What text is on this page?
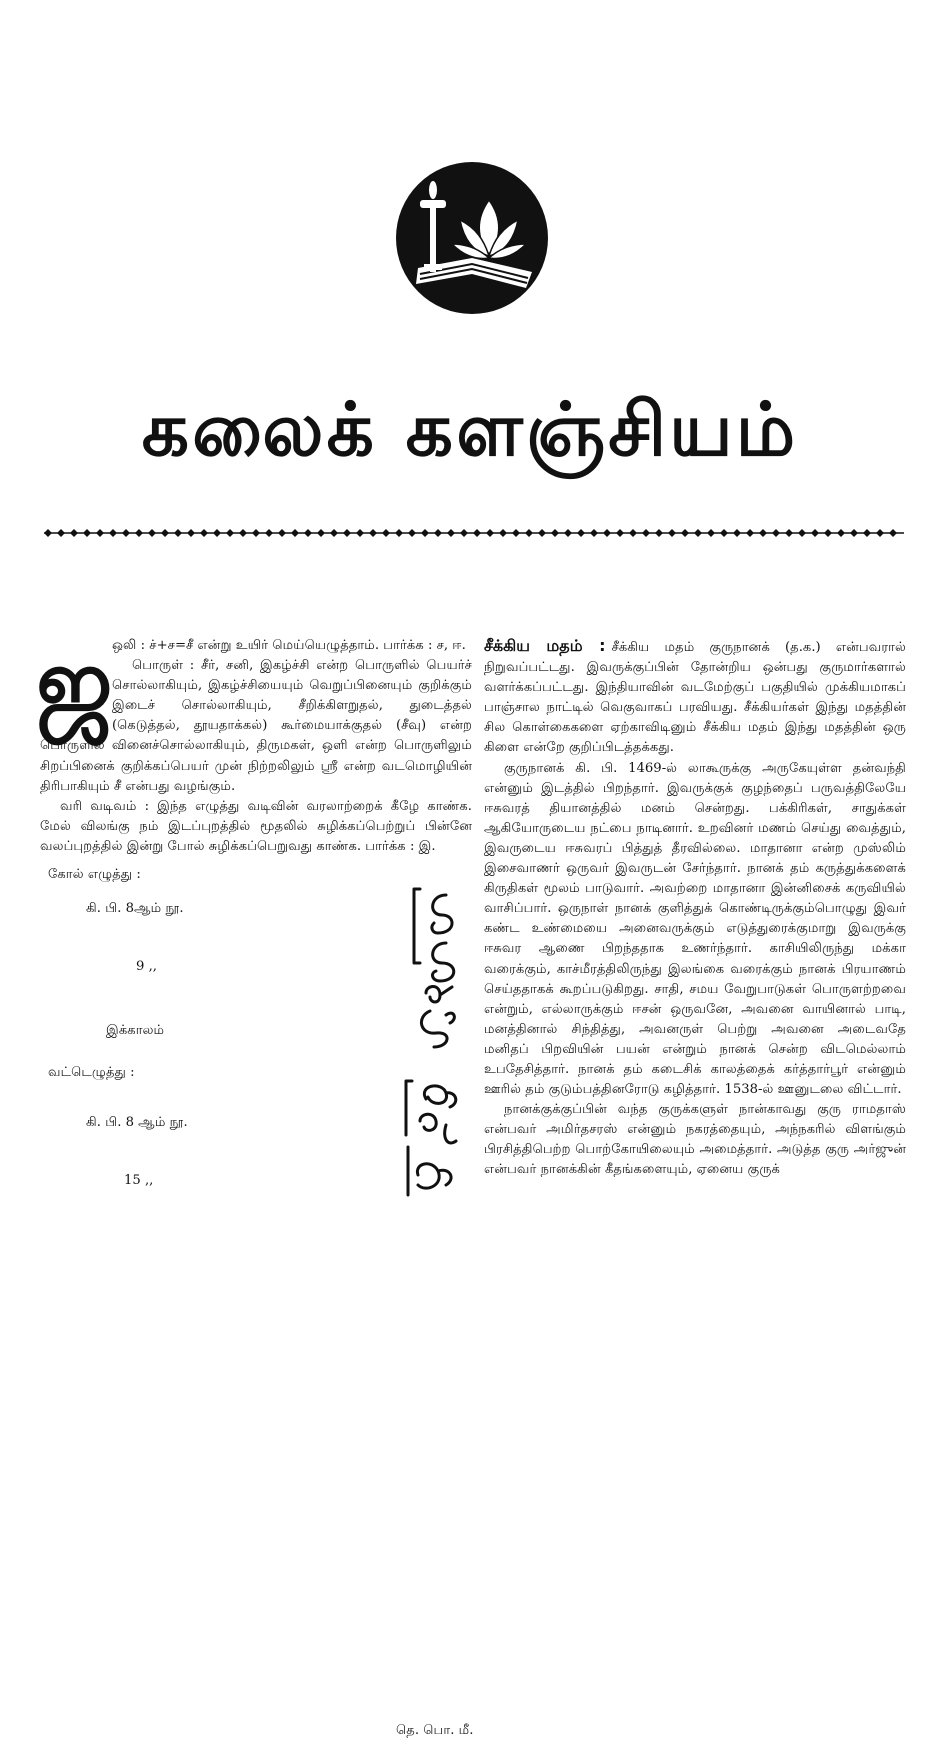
கலைக் களஞ்சியம்
ஜ ஒலி : ச்+ச=சீ என்று உயிர் மெய்யெழுத்தாம். பார்க்க : ச, ஈ.

பொருள் : சீர், சனி, இகழ்ச்சி என்ற பொருளில் பெயர்ச் சொல்லாகியும், இகழ்ச்சியையும் வெறுப்பினையும் குறிக்கும் இடைச் சொல்லாகியும், சீறிக்கிளறுதல், துடைத்தல் (கெடுத்தல், தூயதாக்கல்) கூர்மையாக்குதல் (சீவு) என்ற பொருளில் வினைச்சொல்லாகியும், திருமகள், ஒளி என்ற பொருளிலும் சிறப்பினைக் குறிக்கப்பெயர் முன் நிற்றலிலும் ஸ்ரீ என்ற வடமொழியின் திரிபாகியும் சீ என்பது வழங்கும்.

வரி வடிவம் : இந்த எழுத்து வடிவின் வரலாற்றைக் கீழே காண்க. மேல் விலங்கு நம் இடப்புறத்தில் மூதலில் சுழிக்கப்பெற்றுப் பின்னே வலப்புறத்தில் இன்று போல் சுழிக்கப்பெறுவது காண்க. பார்க்க : இ.

கோல் எழுத்து :
கி. பி. 8ஆம் நூ.
9 ,,
இக்காலம்
வட்டெழுத்து :
கி. பி. 8 ஆம் நூ.
15 ,,
தெ. பொ. மீ.

சீக்கிய மதம் : சீக்கிய மதம் குருநானக் (த.க.) என்பவரால் நிறுவப்பட்டது. இவருக்குப்பின் தோன்றிய ஒன்பது குருமார்களால் வளர்க்கப்பட்டது. இந்தியாவின் வடமேற்குப் பகுதியில் முக்கியமாகப் பாஞ்சால நாட்டில் வெகுவாகப் பரவியது. சீக்கியர்கள் இந்து மதத்தின் சில கொள்கைகளை ஏற்காவிடினும் சீக்கிய மதம் இந்து மதத்தின் ஒரு கிளை என்றே குறிப்பிடத்தக்கது.

குருநானக் கி. பி. 1469-ல் லாகூருக்கு அருகேயுள்ள தன்வந்தி என்னும் இடத்தில் பிறந்தார். இவருக்குக் குழந்தைப் பருவத்திலேயே ஈசுவரத் தியானத்தில் மனம் சென்றது. பக்கிரிகள், சாதுக்கள் ஆகியோருடைய நட்பை நாடினார். உறவினர் மணம் செய்து வைத்தும், இவருடைய ஈசுவரப் பித்துத் தீரவில்லை. மாதானா என்ற முஸ்லிம் இசைவாணர் ஒருவர் இவருடன் சேர்ந்தார். நானக் தம் கருத்துக்களைக் கிருதிகள் மூலம் பாடுவார். அவற்றை மாதானா இன்னிசைக் கருவியில் வாசிப்பார். ஒருநாள் நானக் குளித்துக் கொண்டிருக்கும்பொழுது இவர் கண்ட உண்மையை அனைவருக்கும் எடுத்துரைக்குமாறு இவருக்கு ஈசுவர ஆணை பிறந்ததாக உணர்ந்தார். காசியிலிருந்து மக்கா வரைக்கும், காச்மீரத்திலிருந்து இலங்கை வரைக்கும் நானக் பிரயாணம் செய்ததாகக் கூறப்படுகிறது. சாதி, சமய வேறுபாடுகள் பொருளற்றவை என்றும், எல்லாருக்கும் ஈசன் ஒருவனே, அவனை வாயினால் பாடி, மனத்தினால் சிந்தித்து, அவனருள் பெற்று அவனை அடைவதே மனிதப் பிறவியின் பயன் என்றும் நானக் சென்ற விடமெல்லாம் உபதேசித்தார். நானக் தம் கடைசிக் காலத்தைக் கர்த்தார்பூர் என்னும் ஊரில் தம் குடும்பத்தினரோடு கழித்தார். 1538-ல் ஊனுடலை விட்டார்.

நானக்குக்குப்பின் வந்த குருக்களுள் நான்காவது குரு ராமதாஸ் என்பவர் அமிர்தசரஸ் என்னும் நகரத்தையும், அந்நகரில் விளங்கும் பிரசித்திபெற்ற பொற்கோயிலையும் அமைத்தார். அடுத்த குரு அர்ஜுன் என்பவர் நானக்கின் கீதங்களையும், ஏனைய குருக்
